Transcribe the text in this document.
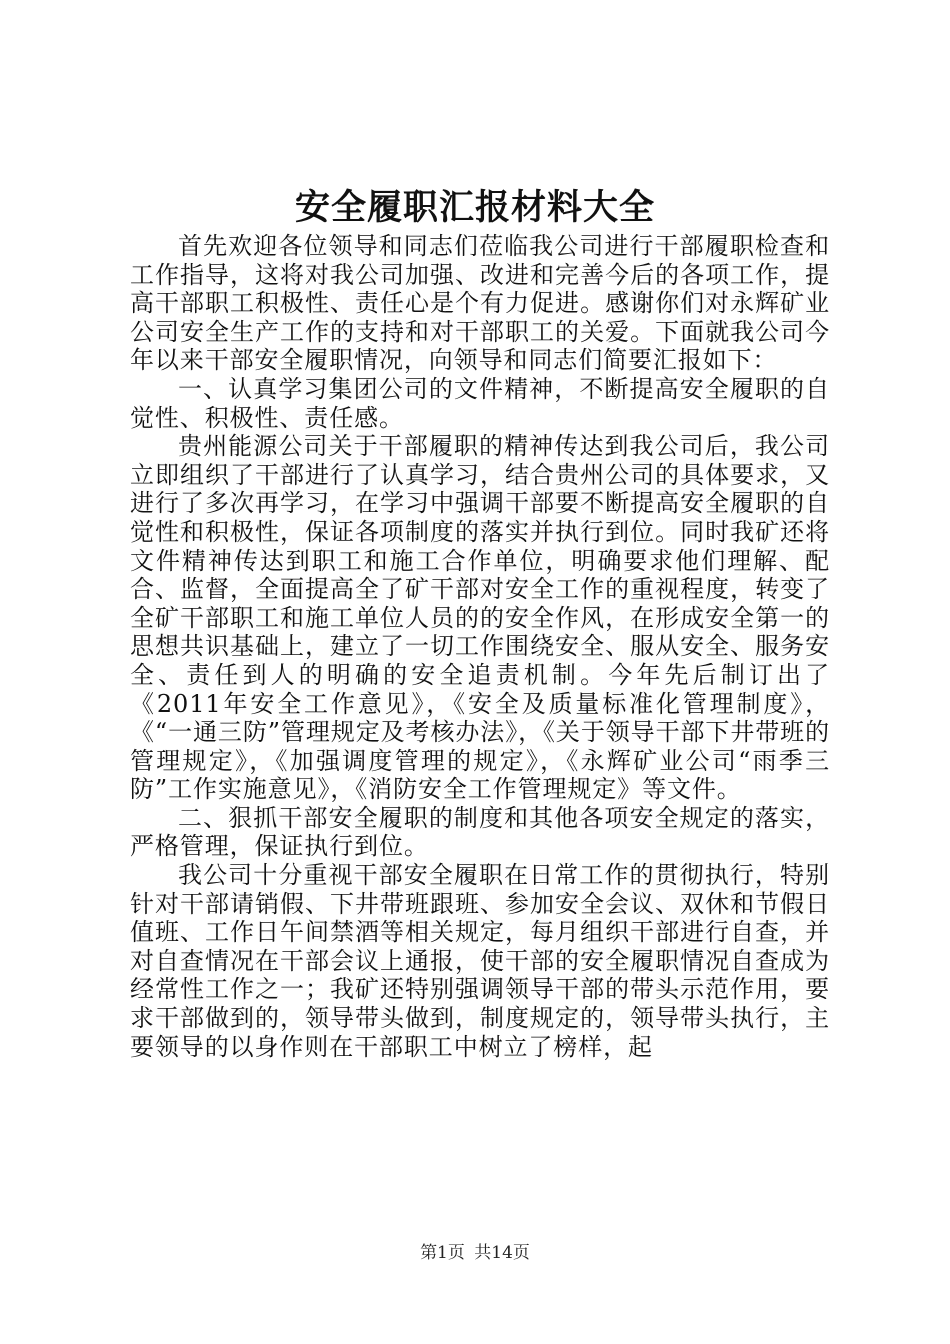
安全履职汇报材料大全

首先欢迎各位领导和同志们莅临我公司进行干部履职检查和工作指导，这将对我公司加强、改进和完善今后的各项工作，提高干部职工积极性、责任心是个有力促进。感谢你们对永辉矿业公司安全生产工作的支持和对干部职工的关爱。下面就我公司今年以来干部安全履职情况，向领导和同志们简要汇报如下：

一、认真学习集团公司的文件精神，不断提高安全履职的自觉性、积极性、责任感。

贵州能源公司关于干部履职的精神传达到我公司后，我公司立即组织了干部进行了认真学习，结合贵州公司的具体要求，又进行了多次再学习，在学习中强调干部要不断提高安全履职的自觉性和积极性，保证各项制度的落实并执行到位。同时我矿还将文件精神传达到职工和施工合作单位，明确要求他们理解、配合、监督，全面提高全了矿干部对安全工作的重视程度，转变了全矿干部职工和施工单位人员的的安全作风，在形成安全第一的思想共识基础上，建立了一切工作围绕安全、服从安全、服务安全、责任到人的明确的安全追责机制。今年先后制订出了《2011年安全工作意见》，《安全及质量标准化管理制度》，《“一通三防”管理规定及考核办法》，《关于领导干部下井带班的管理规定》，《加强调度管理的规定》，《永辉矿业公司“雨季三防”工作实施意见》，《消防安全工作管理规定》等文件。

二、狠抓干部安全履职的制度和其他各项安全规定的落实，严格管理，保证执行到位。

我公司十分重视干部安全履职在日常工作的贯彻执行，特别针对干部请销假、下井带班跟班、参加安全会议、双休和节假日值班、工作日午间禁酒等相关规定，每月组织干部进行自查，并对自查情况在干部会议上通报，使干部的安全履职情况自查成为经常性工作之一；我矿还特别强调领导干部的带头示范作用，要求干部做到的，领导带头做到，制度规定的，领导带头执行，主要领导的以身作则在干部职工中树立了榜样，起

第1页 共14页
